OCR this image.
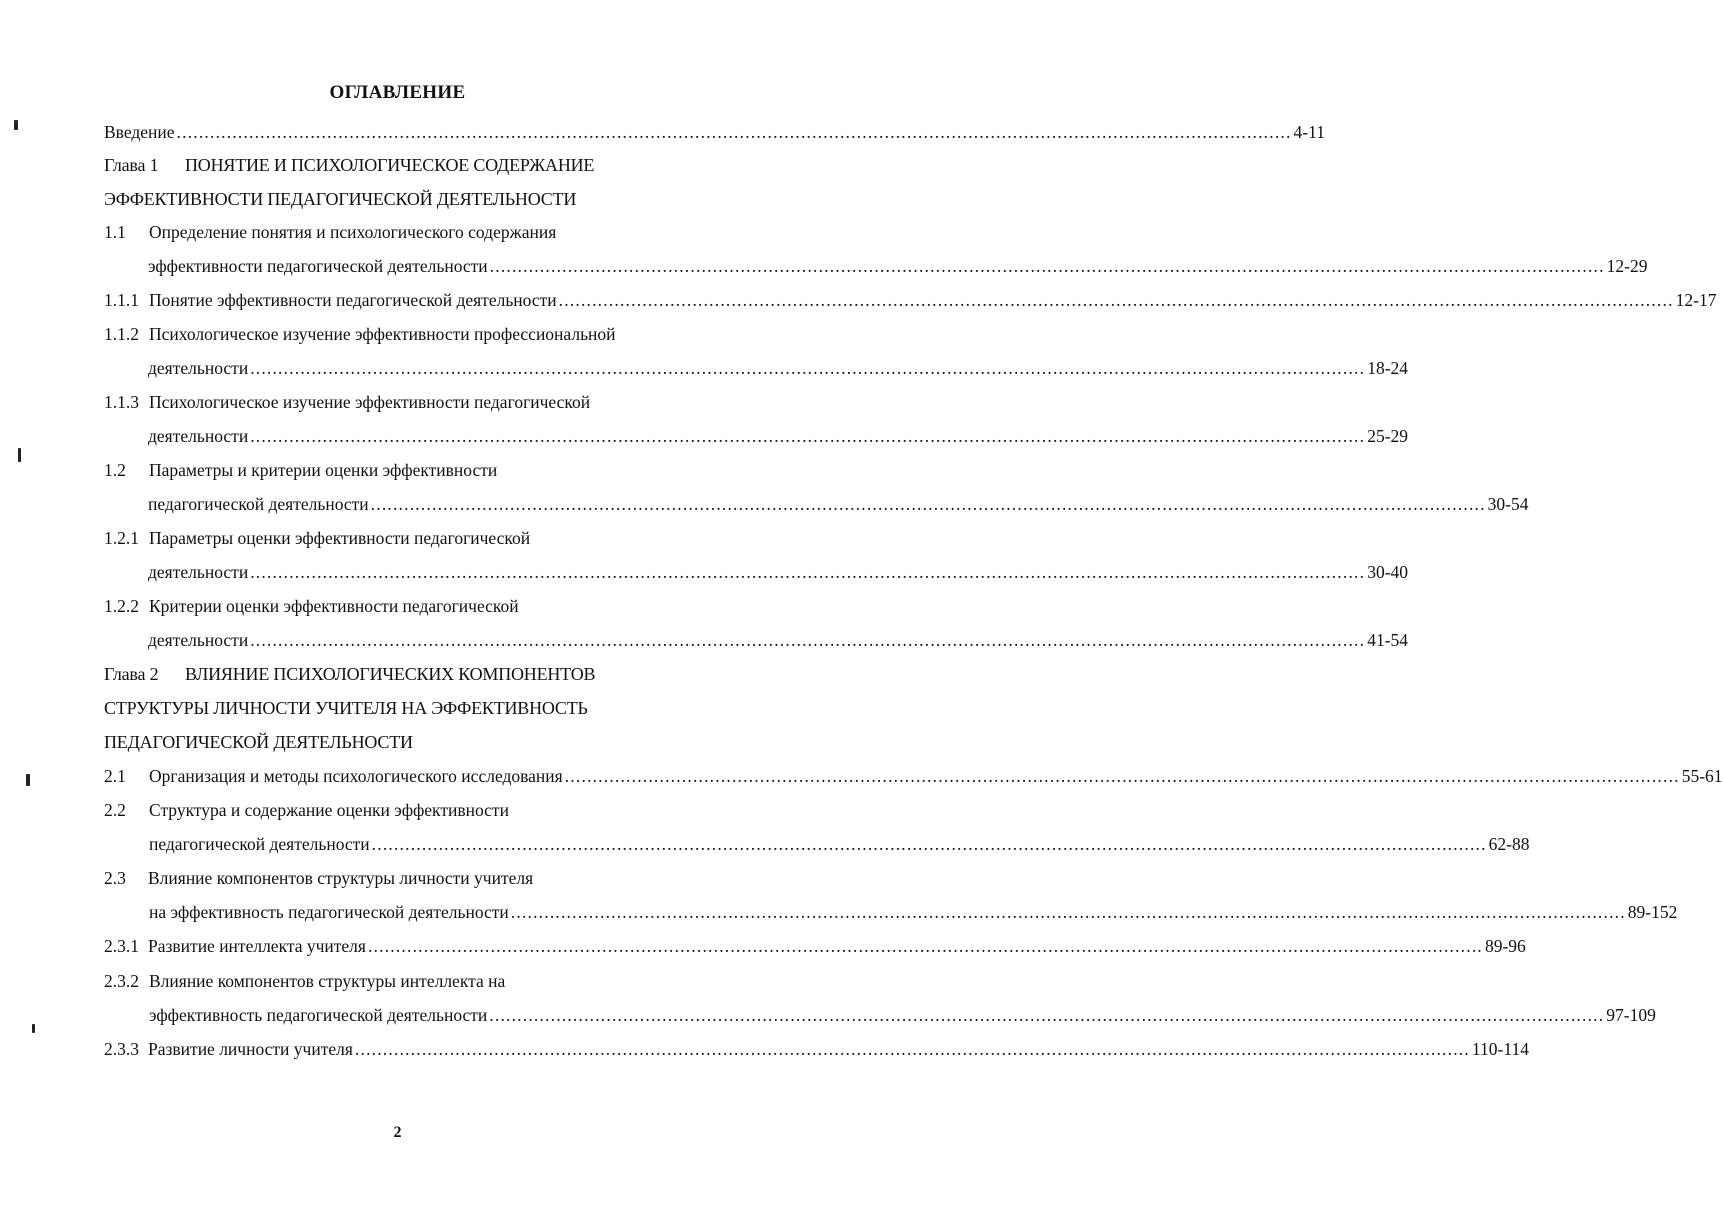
ОГЛАВЛЕНИЕ
Введение ........................................................................................................................................................................................................ 4-11
Глава 1 ПОНЯТИЕ И ПСИХОЛОГИЧЕСКОЕ СОДЕРЖАНИЕ
ЭФФЕКТИВНОСТИ ПЕДАГОГИЧЕСКОЙ ДЕЯТЕЛЬНОСТИ
1.1 Определение понятия и психологического содержания
эффективности педагогической деятельности ........................................................................................................................................................................................................ 12-29
1.1.1 Понятие эффективности педагогической деятельности ........................................................................................................................................................................................................ 12-17
1.1.2 Психологическое изучение эффективности профессиональной
деятельности ........................................................................................................................................................................................................ 18-24
1.1.3 Психологическое изучение эффективности педагогической
деятельности ........................................................................................................................................................................................................ 25-29
1.2 Параметры и критерии оценки эффективности
педагогической деятельности ........................................................................................................................................................................................................ 30-54
1.2.1 Параметры оценки эффективности педагогической
деятельности ........................................................................................................................................................................................................ 30-40
1.2.2 Критерии оценки эффективности педагогической
деятельности ........................................................................................................................................................................................................ 41-54
Глава 2 ВЛИЯНИЕ ПСИХОЛОГИЧЕСКИХ КОМПОНЕНТОВ
СТРУКТУРЫ ЛИЧНОСТИ УЧИТЕЛЯ НА ЭФФЕКТИВНОСТЬ
ПЕДАГОГИЧЕСКОЙ ДЕЯТЕЛЬНОСТИ
2.1 Организация и методы психологического исследования ........................................................................................................................................................................................................ 55-61
2.2 Структура и содержание оценки эффективности
педагогической деятельности ........................................................................................................................................................................................................ 62-88
2.3 Влияние компонентов структуры личности учителя
на эффективность педагогической деятельности ........................................................................................................................................................................................................ 89-152
2.3.1 Развитие интеллекта учителя ........................................................................................................................................................................................................ 89-96
2.3.2 Влияние компонентов структуры интеллекта на
эффективность педагогической деятельности ........................................................................................................................................................................................................ 97-109
2.3.3 Развитие личности учителя ........................................................................................................................................................................................................ 110-114
2
